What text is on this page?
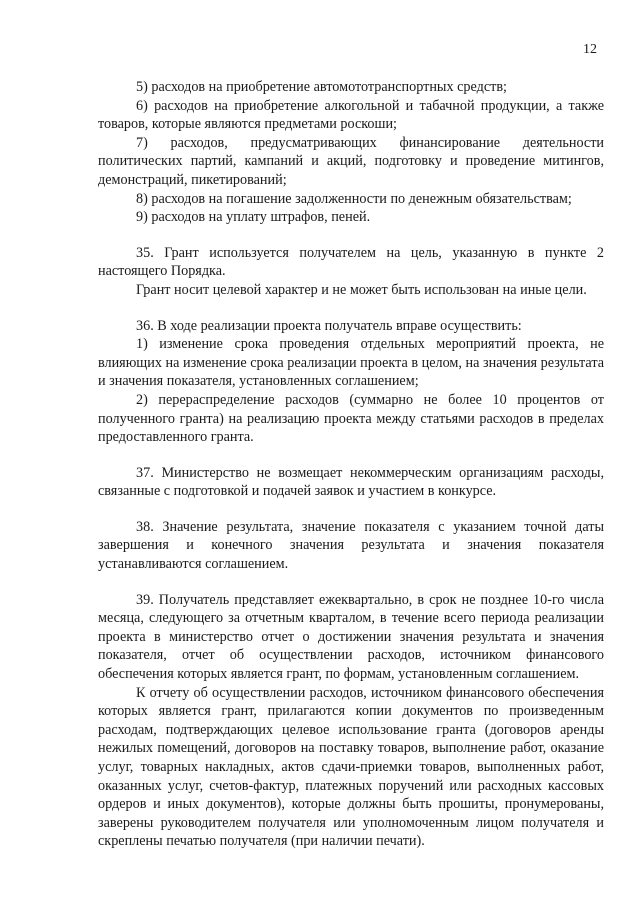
12

5) расходов на приобретение автомототранспортных средств;

6) расходов на приобретение алкогольной и табачной продукции, а также товаров, которые являются предметами роскоши;

7) расходов, предусматривающих финансирование деятельности политических партий, кампаний и акций, подготовку и проведение митингов, демонстраций, пикетирований;

8) расходов на погашение задолженности по денежным обязательствам;

9) расходов на уплату штрафов, пеней.

35. Грант используется получателем на цель, указанную в пункте 2 настоящего Порядка.

Грант носит целевой характер и не может быть использован на иные цели.

36. В ходе реализации проекта получатель вправе осуществить:

1) изменение срока проведения отдельных мероприятий проекта, не влияющих на изменение срока реализации проекта в целом, на значения результата и значения показателя, установленных соглашением;

2) перераспределение расходов (суммарно не более 10 процентов от полученного гранта) на реализацию проекта между статьями расходов в пределах предоставленного гранта.

37. Министерство не возмещает некоммерческим организациям расходы, связанные с подготовкой и подачей заявок и участием в конкурсе.

38. Значение результата, значение показателя с указанием точной даты завершения и конечного значения результата и значения показателя устанавливаются соглашением.

39. Получатель представляет ежеквартально, в срок не позднее 10-го числа месяца, следующего за отчетным кварталом, в течение всего периода реализации проекта в министерство отчет о достижении значения результата и значения показателя, отчет об осуществлении расходов, источником финансового обеспечения которых является грант, по формам, установленным соглашением.

К отчету об осуществлении расходов, источником финансового обеспечения которых является грант, прилагаются копии документов по произведенным расходам, подтверждающих целевое использование гранта (договоров аренды нежилых помещений, договоров на поставку товаров, выполнение работ, оказание услуг, товарных накладных, актов сдачи-приемки товаров, выполненных работ, оказанных услуг, счетов-фактур, платежных поручений или расходных кассовых ордеров и иных документов), которые должны быть прошиты, пронумерованы, заверены руководителем получателя или уполномоченным лицом получателя и скреплены печатью получателя (при наличии печати).
